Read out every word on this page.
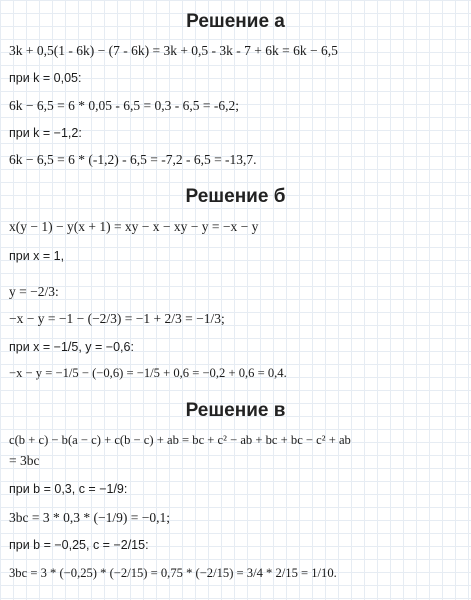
Решение а
3k + 0,5(1 - 6k) − (7 - 6k) = 3k + 0,5 - 3k - 7 + 6k = 6k − 6,5
при k = 0,05:
6k − 6,5 = 6 * 0,05 - 6,5 = 0,3 - 6,5 = -6,2;
при k = −1,2:
6k − 6,5 = 6 * (-1,2) - 6,5 = -7,2 - 6,5 = -13,7.
Решение б
x(y − 1) − y(x + 1) = xy − x − xy − y = −x − y
при x = 1,
y = −2/3:
−x − y = −1 − (−2/3) = −1 + 2/3 = −1/3;
при x = −1/5, y = −0,6:
−x − y = −1/5 − (−0,6) = −1/5 + 0,6 = −0,2 + 0,6 = 0,4.
Решение в
c(b + c) − b(a − c) + c(b − c) + ab = bc + c² − ab + bc + bc − c² + ab
= 3bc
при b = 0,3, c = −1/9:
3bc = 3 * 0,3 * (−1/9) = −0,1;
при b = −0,25, c = −2/15:
3bc = 3 * (−0,25) * (−2/15) = 0,75 * (−2/15) = 3/4 * 2/15 = 1/10.
